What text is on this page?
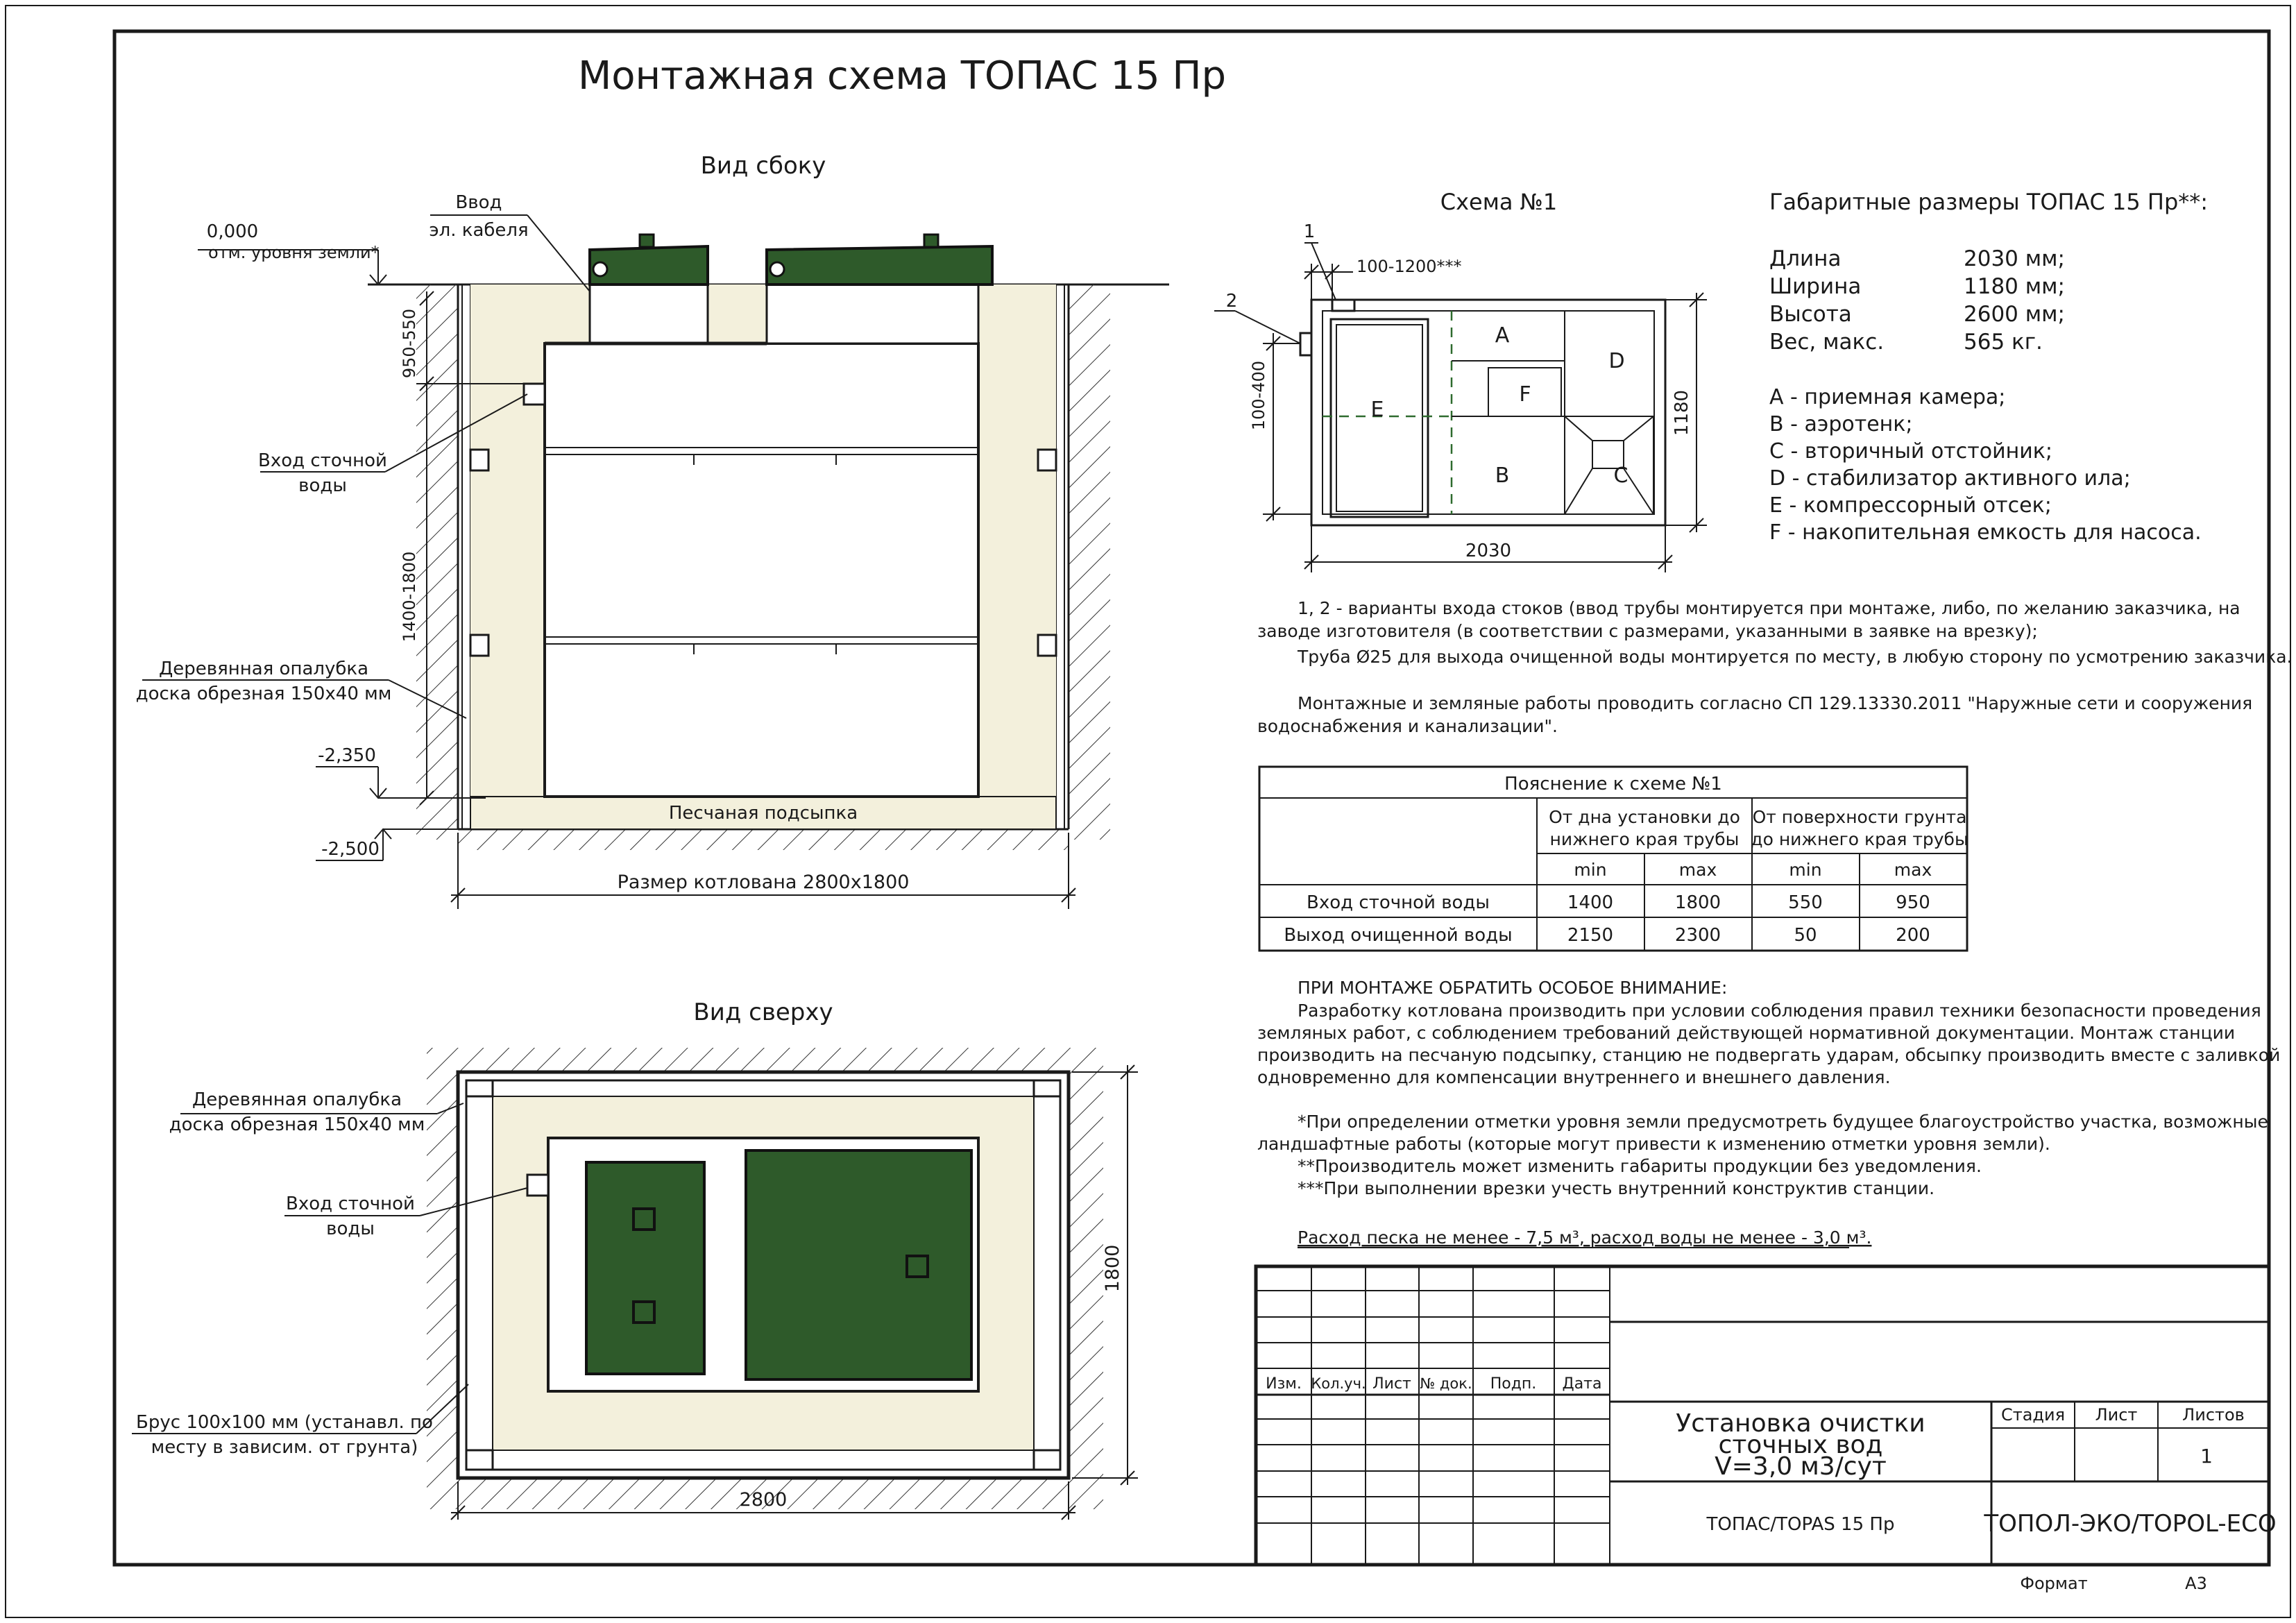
Монтажная схема ТОПАС 15 Пр
Вид сбоку
Песчаная подсыпка
0,000
отм. уровня земли*
Ввод
эл. кабеля
Вход сточной
воды
Деревянная опалубка
доска обрезная 150х40 мм
-2,350
-2,500
950-550
1400-1800
Размер котлована 2800х1800
Вид сверху
Деревянная опалубка
доска обрезная 150х40 мм
Вход сточной
воды
Брус 100х100 мм (устанавл. по
месту в зависим. от грунта)
2800
1800
Схема №1
E
A
F
D
B	C
1
2
100-1200***
100-400	1180
2030
Габаритные размеры ТОПАС 15 Пр**:
Длина	2030 мм;
Ширина	1180 мм;
Высота	2600 мм;
Вес, макс.	565 кг.
А - приемная камера;
В - аэротенк;
С - вторичный отстойник;
D - стабилизатор активного ила;
Е - компрессорный отсек;
F - накопительная емкость для насоса.
1, 2 - варианты входа стоков (ввод трубы монтируется при монтаже, либо, по желанию заказчика, на
заводе изготовителя (в соответствии с размерами, указанными в заявке на врезку);
Труба Ø25 для выхода очищенной воды монтируется по месту, в любую сторону по усмотрению заказчика.
Монтажные и земляные работы проводить согласно СП 129.13330.2011 "Наружные сети и сооружения
водоснабжения и канализации".
Пояснение к схеме №1
От дна установки до
нижнего края трубы
От поверхности грунта
до нижнего края трубы
min	max	min	max
Вход сточной воды	1400	1800	550	950
Выход очищенной воды	2150	2300	50	200
ПРИ МОНТАЖЕ ОБРАТИТЬ ОСОБОЕ ВНИМАНИЕ:
Разработку котлована производить при условии соблюдения правил техники безопасности проведения
земляных работ, с соблюдением требований действующей нормативной документации. Монтаж станции
производить на песчаную подсыпку, станцию не подвергать ударам, обсыпку производить вместе с заливкой
одновременно для компенсации внутреннего и внешнего давления.
*При определении отметки уровня земли предусмотреть будущее благоустройство участка, возможные
ландшафтные работы (которые могут привести к изменению отметки уровня земли).
**Производитель может изменить габариты продукции без уведомления.
***При выполнении врезки учесть внутренний конструктив станции.
Расход песка не менее - 7,5 м³, расход воды не менее - 3,0 м³.
Изм. Кол.уч. Лист № док. Подп. Дата
Установка очистки
сточных вод
V=3,0 м3/сут
Стадия Лист	Листов
1
ТОПАС/TOPAS 15 Пр	ТОПОЛ-ЭКО/TOPOL-ECO
Формат	А3
